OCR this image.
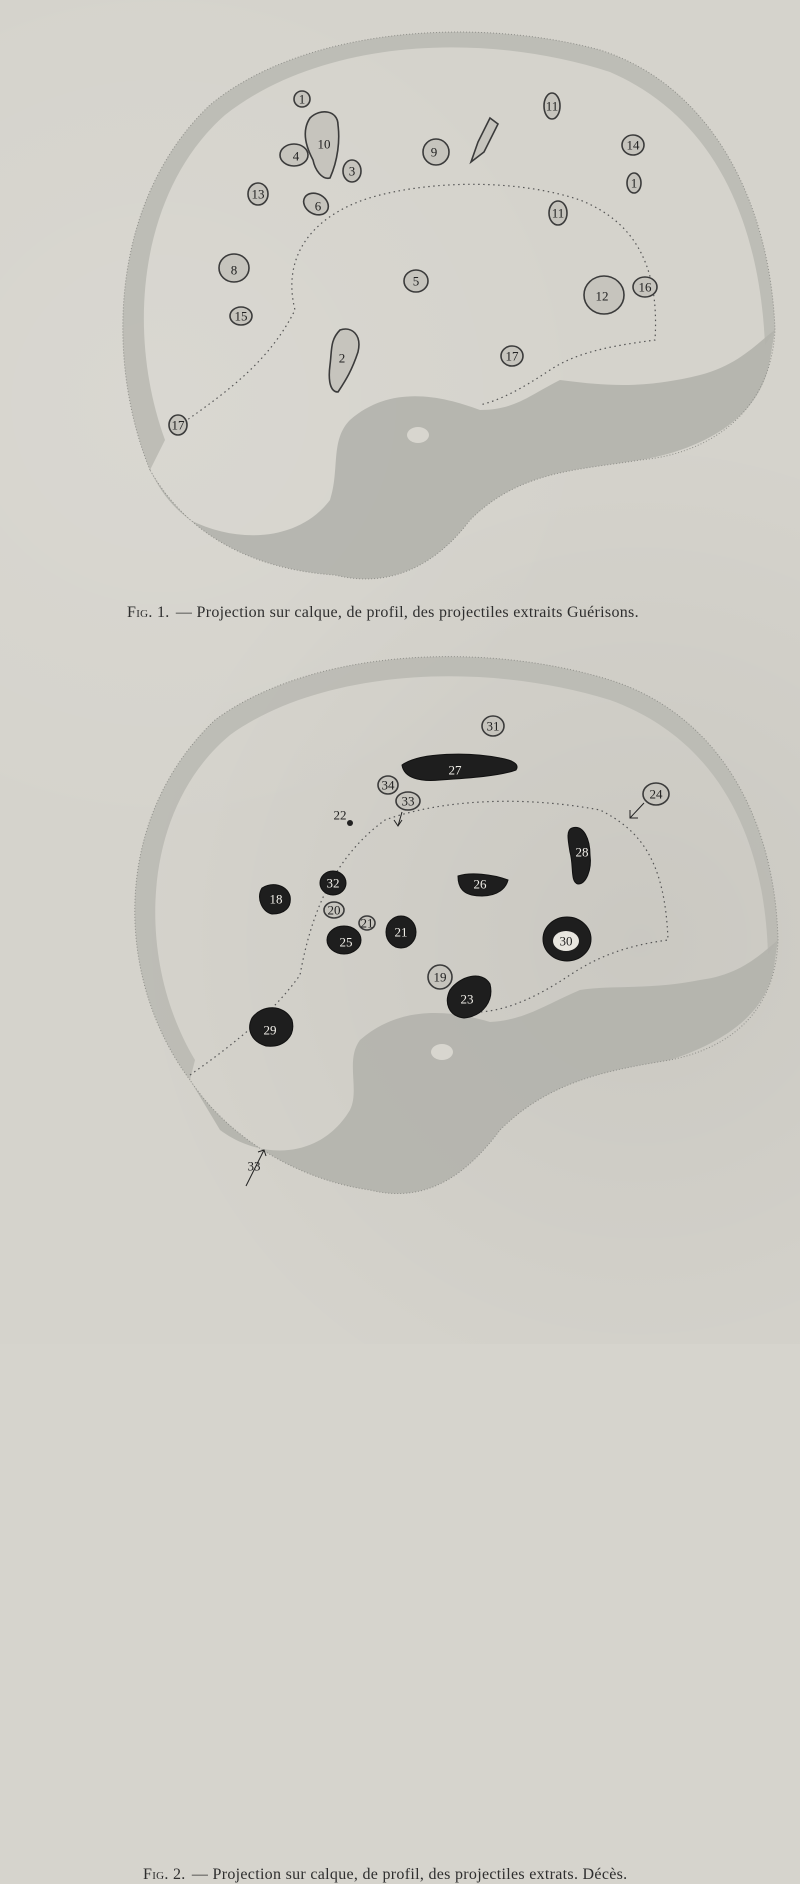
1
10
4
3
13
6
9
11
14
1
11
8
5
12
16
15
2	17
17
Fig. 1. — Projection sur calque, de profil, des projectiles extraits Guérisons.
31
27
34
33	24
22
28
18
32	26
20
21
21
25	30
19
23
29
33
Fig. 2. — Projection sur calque, de profil, des projectiles extrats. Décès.
